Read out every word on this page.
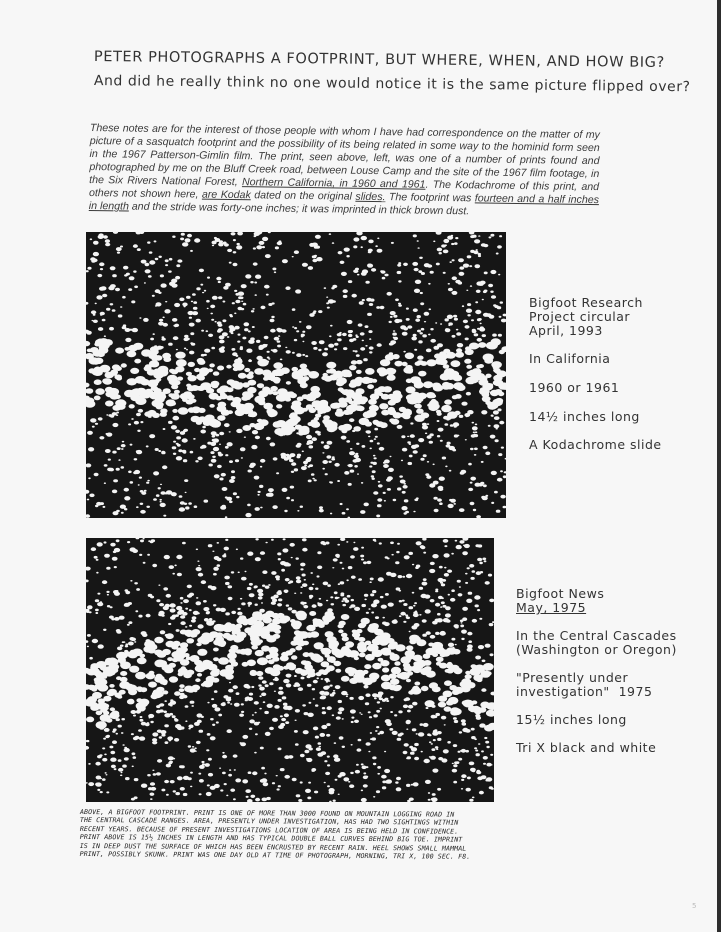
PETER PHOTOGRAPHS A FOOTPRINT, BUT WHERE, WHEN, AND HOW BIG?
And did he really think no one would notice it is the same picture flipped over?
These notes are for the interest of those people with whom I have had correspondence on the matter of my picture of a sasquatch footprint and the possibility of its being related in some way to the hominid form seen in the 1967 Patterson-Gimlin film. The print, seen above, left, was one of a number of prints found and photographed by me on the Bluff Creek road, between Louse Camp and the site of the 1967 film footage, in the Six Rivers National Forest, Northern California, in 1960 and 1961. The Kodachrome of this print, and others not shown here, are Kodak dated on the original slides. The footprint was fourteen and a half inches in length and the stride was forty-one inches; it was imprinted in thick brown dust.

Bigfoot Research

Project circular

April, 1993

In California

1960 or 1961

14½ inches long

A Kodachrome slide

Bigfoot News

May, 1975

In the Central Cascades

(Washington or Oregon)

"Presently under

investigation"  1975

15½ inches long

Tri X black and white

ABOVE, A BIGFOOT FOOTPRINT. PRINT IS ONE OF MORE THAN 3000 FOUND ON MOUNTAIN LOGGING ROAD IN

THE CENTRAL CASCADE RANGES. AREA, PRESENTLY UNDER INVESTIGATION, HAS HAD TWO SIGHTINGS WITHIN

RECENT YEARS. BECAUSE OF PRESENT INVESTIGATIONS LOCATION OF AREA IS BEING HELD IN CONFIDENCE.

PRINT ABOVE IS 15½ INCHES IN LENGTH AND HAS TYPICAL DOUBLE BALL CURVES BEHIND BIG TOE. IMPRINT

IS IN DEEP DUST THE SURFACE OF WHICH HAS BEEN ENCRUSTED BY RECENT RAIN. HEEL SHOWS SMALL MAMMAL

PRINT, POSSIBLY SKUNK. PRINT WAS ONE DAY OLD AT TIME OF PHOTOGRAPH, MORNING, TRI X, 100 SEC. F8.

5
